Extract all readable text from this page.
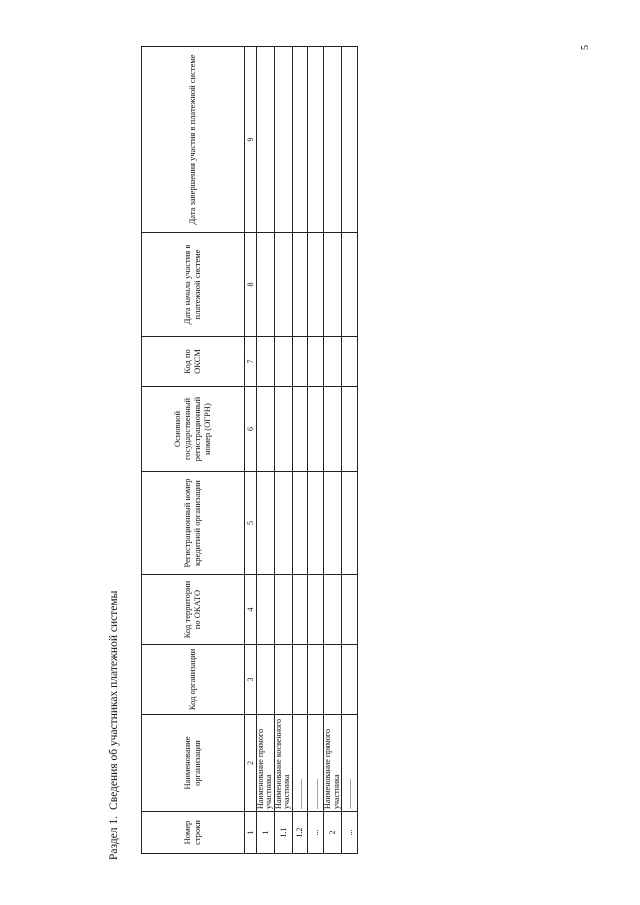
5
Раздел 1.Сведения об участниках платежной системы
Номер строки	Наименование организации	Код организации	Код территории по ОКАТО	Регистрационный номер кредитной организации	Основной государственный регистрационный номер (ОГРН)	Код по ОКСМ	Дата начала участия в платежной системе	Дата завершения участия в платежной системе
1	2	3	4	5	6	7	8	9
1	Наименование прямого участника							
1.1	Наименование косвенного участника							
1.2	...............							
...	...............							
2	Наименование прямого участника							
...	...............							
